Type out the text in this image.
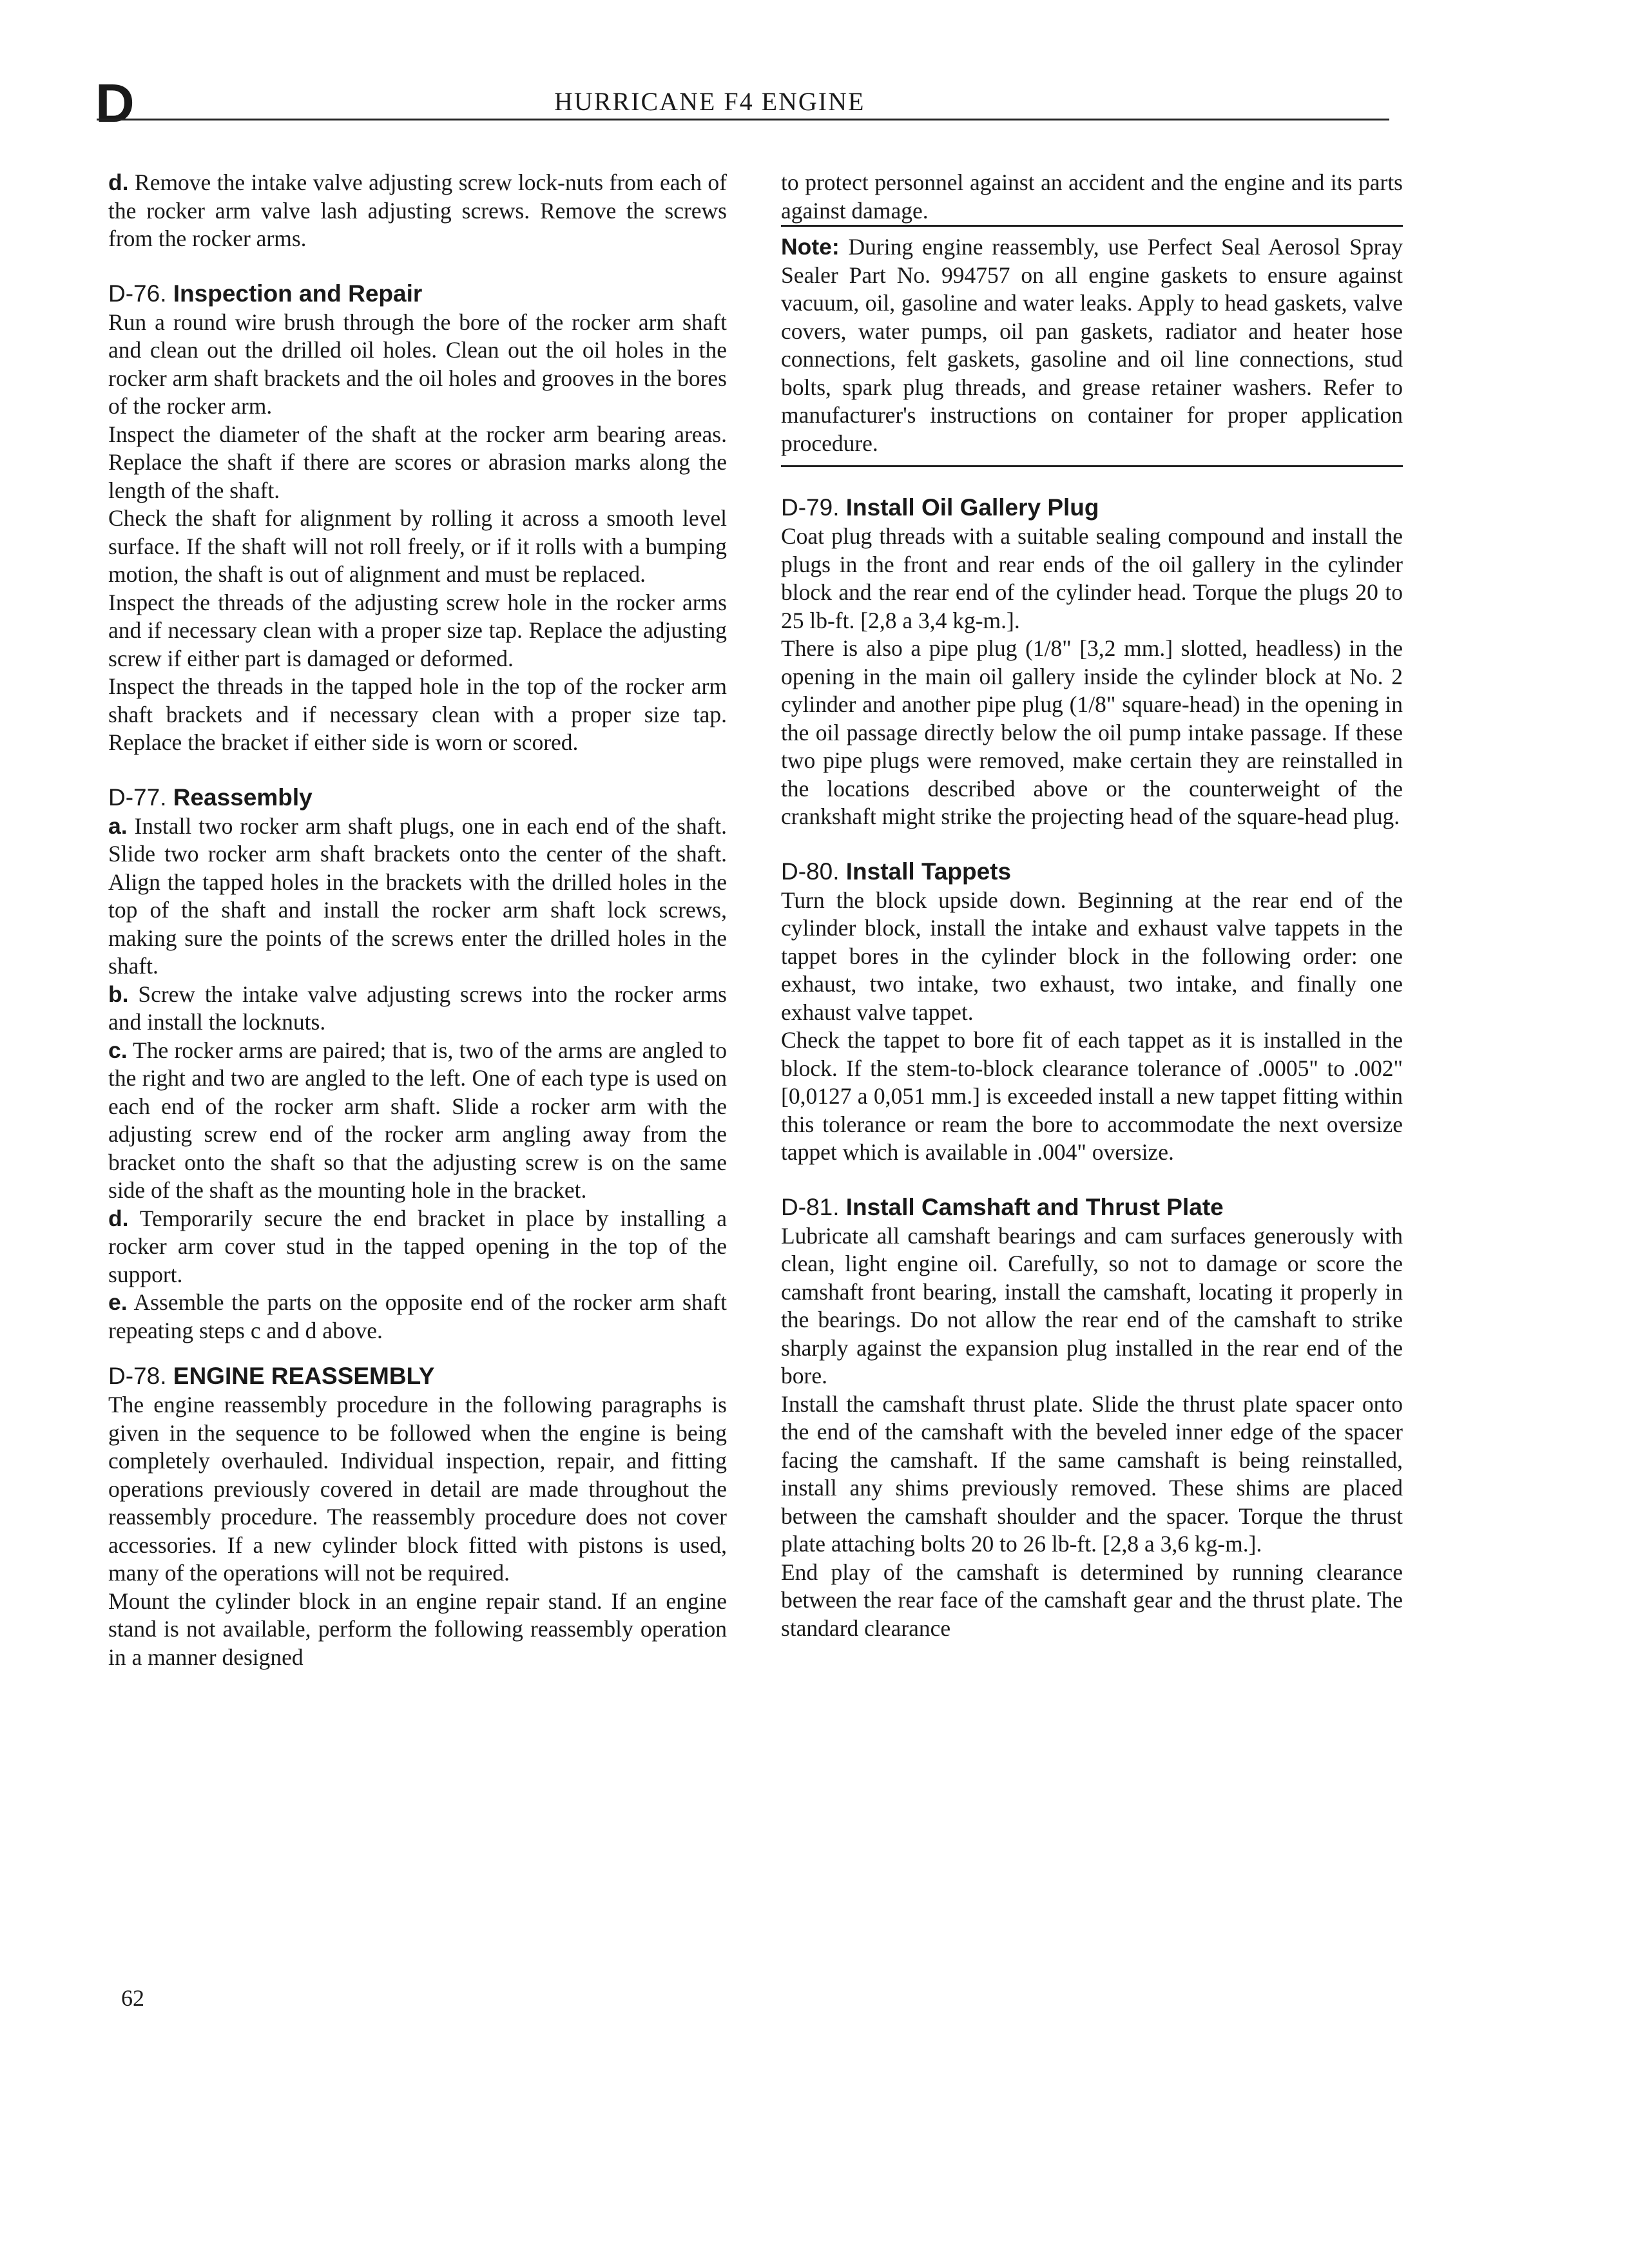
D	HURRICANE F4 ENGINE

d. Remove the intake valve adjusting screw lock-nuts from each of the rocker arm valve lash adjusting screws. Remove the screws from the rocker arms.

D-76. Inspection and Repair

Run a round wire brush through the bore of the rocker arm shaft and clean out the drilled oil holes. Clean out the oil holes in the rocker arm shaft brackets and the oil holes and grooves in the bores of the rocker arm.

Inspect the diameter of the shaft at the rocker arm bearing areas. Replace the shaft if there are scores or abrasion marks along the length of the shaft.

Check the shaft for alignment by rolling it across a smooth level surface. If the shaft will not roll freely, or if it rolls with a bumping motion, the shaft is out of alignment and must be replaced.

Inspect the threads of the adjusting screw hole in the rocker arms and if necessary clean with a proper size tap. Replace the adjusting screw if either part is damaged or deformed.

Inspect the threads in the tapped hole in the top of the rocker arm shaft brackets and if necessary clean with a proper size tap. Replace the bracket if either side is worn or scored.

D-77. Reassembly

a. Install two rocker arm shaft plugs, one in each end of the shaft. Slide two rocker arm shaft brackets onto the center of the shaft. Align the tapped holes in the brackets with the drilled holes in the top of the shaft and install the rocker arm shaft lock screws, making sure the points of the screws enter the drilled holes in the shaft.

b. Screw the intake valve adjusting screws into the rocker arms and install the locknuts.

c. The rocker arms are paired; that is, two of the arms are angled to the right and two are angled to the left. One of each type is used on each end of the rocker arm shaft. Slide a rocker arm with the adjusting screw end of the rocker arm angling away from the bracket onto the shaft so that the adjusting screw is on the same side of the shaft as the mounting hole in the bracket.

d. Temporarily secure the end bracket in place by installing a rocker arm cover stud in the tapped opening in the top of the support.

e. Assemble the parts on the opposite end of the rocker arm shaft repeating steps c and d above.

D-78. ENGINE REASSEMBLY

The engine reassembly procedure in the following paragraphs is given in the sequence to be followed when the engine is being completely overhauled. Individual inspection, repair, and fitting operations previously covered in detail are made throughout the reassembly procedure. The reassembly procedure does not cover accessories. If a new cylinder block fitted with pistons is used, many of the operations will not be required.

Mount the cylinder block in an engine repair stand. If an engine stand is not available, perform the following reassembly operation in a manner designed

to protect personnel against an accident and the engine and its parts against damage.

Note: During engine reassembly, use Perfect Seal Aerosol Spray Sealer Part No. 994757 on all engine gaskets to ensure against vacuum, oil, gasoline and water leaks. Apply to head gaskets, valve covers, water pumps, oil pan gaskets, radiator and heater hose connections, felt gaskets, gasoline and oil line connections, stud bolts, spark plug threads, and grease retainer washers. Refer to manufacturer's instructions on container for proper application procedure.

D-79. Install Oil Gallery Plug

Coat plug threads with a suitable sealing compound and install the plugs in the front and rear ends of the oil gallery in the cylinder block and the rear end of the cylinder head. Torque the plugs 20 to 25 lb-ft. [2,8 a 3,4 kg-m.].

There is also a pipe plug (1/8" [3,2 mm.] slotted, headless) in the opening in the main oil gallery inside the cylinder block at No. 2 cylinder and another pipe plug (1/8" square-head) in the opening in the oil passage directly below the oil pump intake passage. If these two pipe plugs were removed, make certain they are reinstalled in the locations described above or the counterweight of the crankshaft might strike the projecting head of the square-head plug.

D-80. Install Tappets

Turn the block upside down. Beginning at the rear end of the cylinder block, install the intake and exhaust valve tappets in the tappet bores in the cylinder block in the following order: one exhaust, two intake, two exhaust, two intake, and finally one exhaust valve tappet.

Check the tappet to bore fit of each tappet as it is installed in the block. If the stem-to-block clearance tolerance of .0005" to .002" [0,0127 a 0,051 mm.] is exceeded install a new tappet fitting within this tolerance or ream the bore to accommodate the next oversize tappet which is available in .004" oversize.

D-81. Install Camshaft and Thrust Plate

Lubricate all camshaft bearings and cam surfaces generously with clean, light engine oil. Carefully, so not to damage or score the camshaft front bearing, install the camshaft, locating it properly in the bearings. Do not allow the rear end of the camshaft to strike sharply against the expansion plug installed in the rear end of the bore.

Install the camshaft thrust plate. Slide the thrust plate spacer onto the end of the camshaft with the beveled inner edge of the spacer facing the camshaft. If the same camshaft is being reinstalled, install any shims previously removed. These shims are placed between the camshaft shoulder and the spacer. Torque the thrust plate attaching bolts 20 to 26 lb-ft. [2,8 a 3,6 kg-m.].

End play of the camshaft is determined by running clearance between the rear face of the camshaft gear and the thrust plate. The standard clearance

62
